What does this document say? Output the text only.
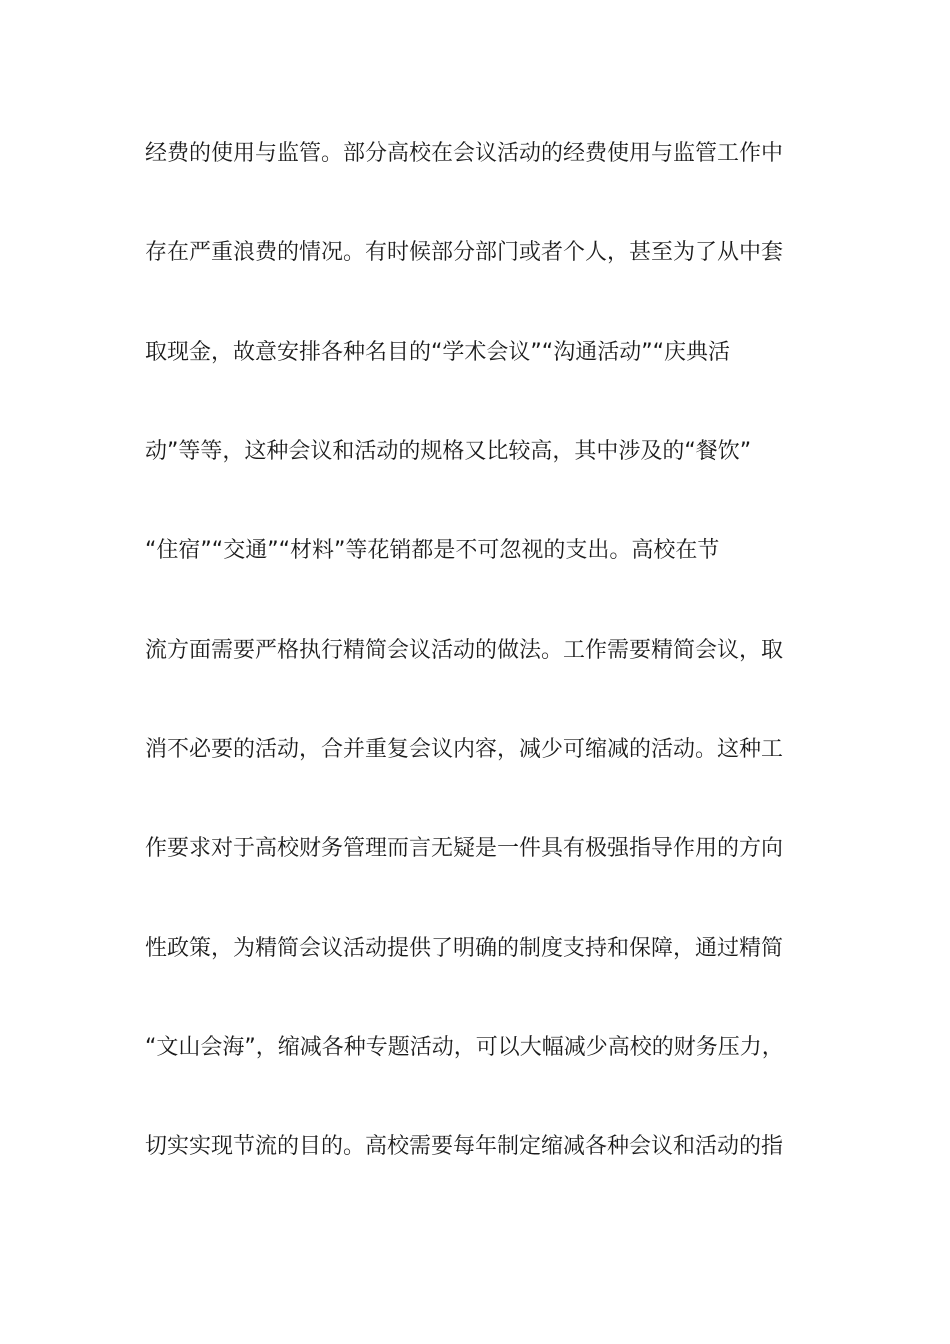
经费的使用与监管。部分高校在会议活动的经费使用与监管工作中
存在严重浪费的情况。有时候部分部门或者个人，甚至为了从中套
取现金，故意安排各种名目的“学术会议”“沟通活动”“庆典活
动”等等，这种会议和活动的规格又比较高，其中涉及的“餐饮”
“住宿”“交通”“材料”等花销都是不可忽视的支出。高校在节
流方面需要严格执行精简会议活动的做法。工作需要精简会议，取
消不必要的活动，合并重复会议内容，减少可缩减的活动。这种工
作要求对于高校财务管理而言无疑是一件具有极强指导作用的方向
性政策，为精简会议活动提供了明确的制度支持和保障，通过精简
“文山会海”，缩减各种专题活动，可以大幅减少高校的财务压力，
切实实现节流的目的。高校需要每年制定缩减各种会议和活动的指
